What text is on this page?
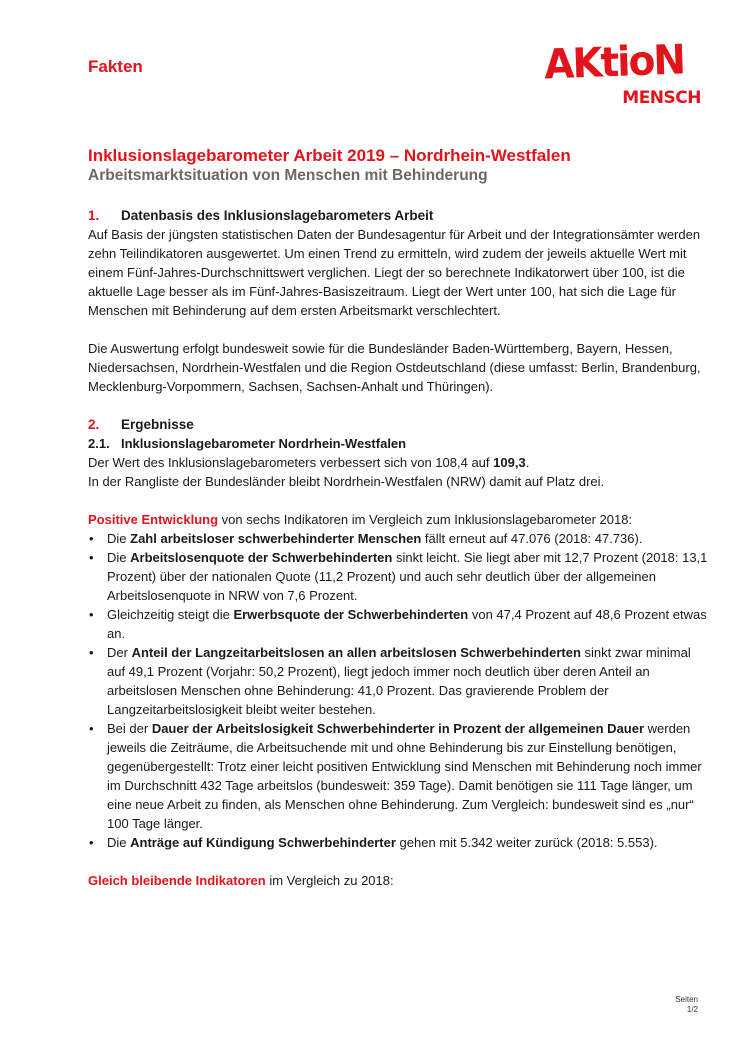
Fakten	AKtioN
MENSCH
Inklusionslagebarometer Arbeit 2019 – Nordrhein-Westfalen
Arbeitsmarktsituation von Menschen mit Behinderung
1.	Datenbasis des Inklusionslagebarometers Arbeit

Auf Basis der jüngsten statistischen Daten der Bundesagentur für Arbeit und der Integrationsämter werden zehn Teilindikatoren ausgewertet. Um einen Trend zu ermitteln, wird zudem der jeweils aktuelle Wert mit einem Fünf-Jahres-Durchschnittswert verglichen. Liegt der so berechnete Indikatorwert über 100, ist die aktuelle Lage besser als im Fünf-Jahres-Basiszeitraum. Liegt der Wert unter 100, hat sich die Lage für Menschen mit Behinderung auf dem ersten Arbeitsmarkt verschlechtert.

Die Auswertung erfolgt bundesweit sowie für die Bundesländer Baden-Württemberg, Bayern, Hessen, Niedersachsen, Nordrhein-Westfalen und die Region Ostdeutschland (diese umfasst: Berlin, Brandenburg, Mecklenburg-Vorpommern, Sachsen, Sachsen-Anhalt und Thüringen).

2.	Ergebnisse
2.1. Inklusionslagebarometer Nordrhein-Westfalen

Der Wert des Inklusionslagebarometers verbessert sich von 108,4 auf 109,3.

In der Rangliste der Bundesländer bleibt Nordrhein-Westfalen (NRW) damit auf Platz drei.

Positive Entwicklung von sechs Indikatoren im Vergleich zum Inklusionslagebarometer 2018:

• Die Zahl arbeitsloser schwerbehinderter Menschen fällt erneut auf 47.076 (2018: 47.736).
• Die Arbeitslosenquote der Schwerbehinderten sinkt leicht. Sie liegt aber mit 12,7 Prozent (2018: 13,1 Prozent) über der nationalen Quote (11,2 Prozent) und auch sehr deutlich über der allgemeinen Arbeitslosenquote in NRW von 7,6 Prozent.
• Gleichzeitig steigt die Erwerbsquote der Schwerbehinderten von 47,4 Prozent auf 48,6 Prozent etwas an.
• Der Anteil der Langzeitarbeitslosen an allen arbeitslosen Schwerbehinderten sinkt zwar minimal auf 49,1 Prozent (Vorjahr: 50,2 Prozent), liegt jedoch immer noch deutlich über deren Anteil an arbeitslosen Menschen ohne Behinderung: 41,0 Prozent. Das gravierende Problem der Langzeitarbeitslosigkeit bleibt weiter bestehen.
• Bei der Dauer der Arbeitslosigkeit Schwerbehinderter in Prozent der allgemeinen Dauer werden jeweils die Zeiträume, die Arbeitsuchende mit und ohne Behinderung bis zur Einstellung benötigen, gegenübergestellt: Trotz einer leicht positiven Entwicklung sind Menschen mit Behinderung noch immer im Durchschnitt 432 Tage arbeitslos (bundesweit: 359 Tage). Damit benötigen sie 111 Tage länger, um eine neue Arbeit zu finden, als Menschen ohne Behinderung. Zum Vergleich: bundesweit sind es „nur“ 100 Tage länger.
• Die Anträge auf Kündigung Schwerbehinderter gehen mit 5.342 weiter zurück (2018: 5.553).

Gleich bleibende Indikatoren im Vergleich zu 2018:

Seiten
1/2
